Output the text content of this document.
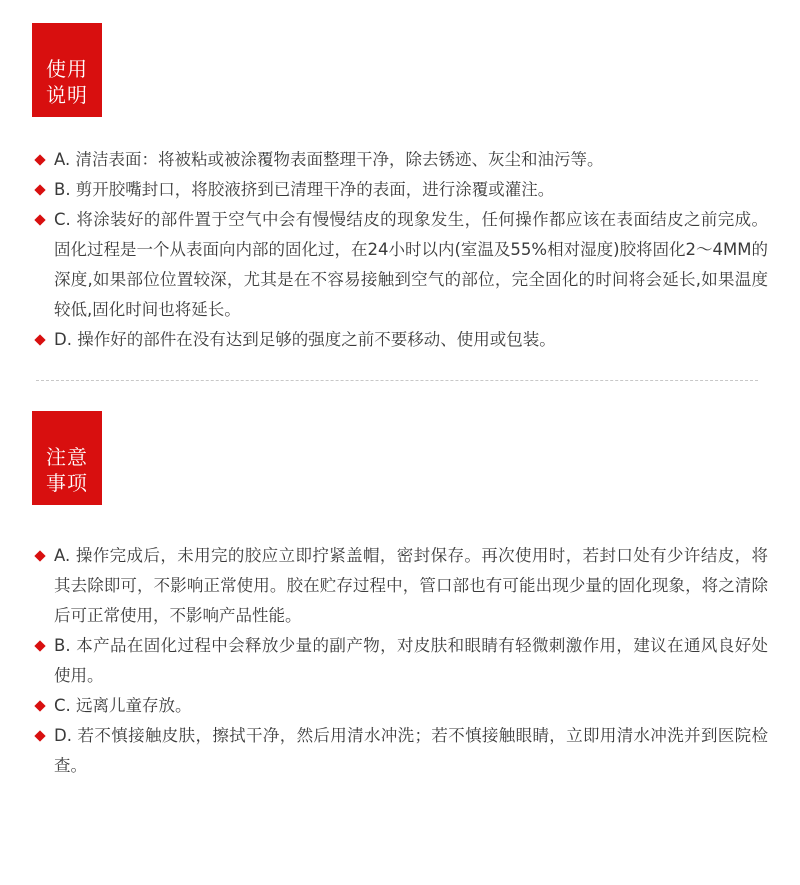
使用
说明
A. 清洁表面：将被粘或被涂覆物表面整理干净，除去锈迹、灰尘和油污等。
B. 剪开胶嘴封口，将胶液挤到已清理干净的表面，进行涂覆或灌注。
C. 将涂装好的部件置于空气中会有慢慢结皮的现象发生，任何操作都应该在表面结皮之前完成。固化过程是一个从表面向内部的固化过，在24小时以内(室温及55%相对湿度)胶将固化2～4MM的深度,如果部位位置较深，尤其是在不容易接触到空气的部位，完全固化的时间将会延长,如果温度较低,固化时间也将延长。
D. 操作好的部件在没有达到足够的强度之前不要移动、使用或包装。
注意
事项
A. 操作完成后，未用完的胶应立即拧紧盖帽，密封保存。再次使用时，若封口处有少许结皮，将其去除即可，不影响正常使用。胶在贮存过程中，管口部也有可能出现少量的固化现象，将之清除后可正常使用，不影响产品性能。
B. 本产品在固化过程中会释放少量的副产物，对皮肤和眼睛有轻微刺激作用，建议在通风良好处使用。
C. 远离儿童存放。
D. 若不慎接触皮肤，擦拭干净，然后用清水冲洗；若不慎接触眼睛，立即用清水冲洗并到医院检查。
